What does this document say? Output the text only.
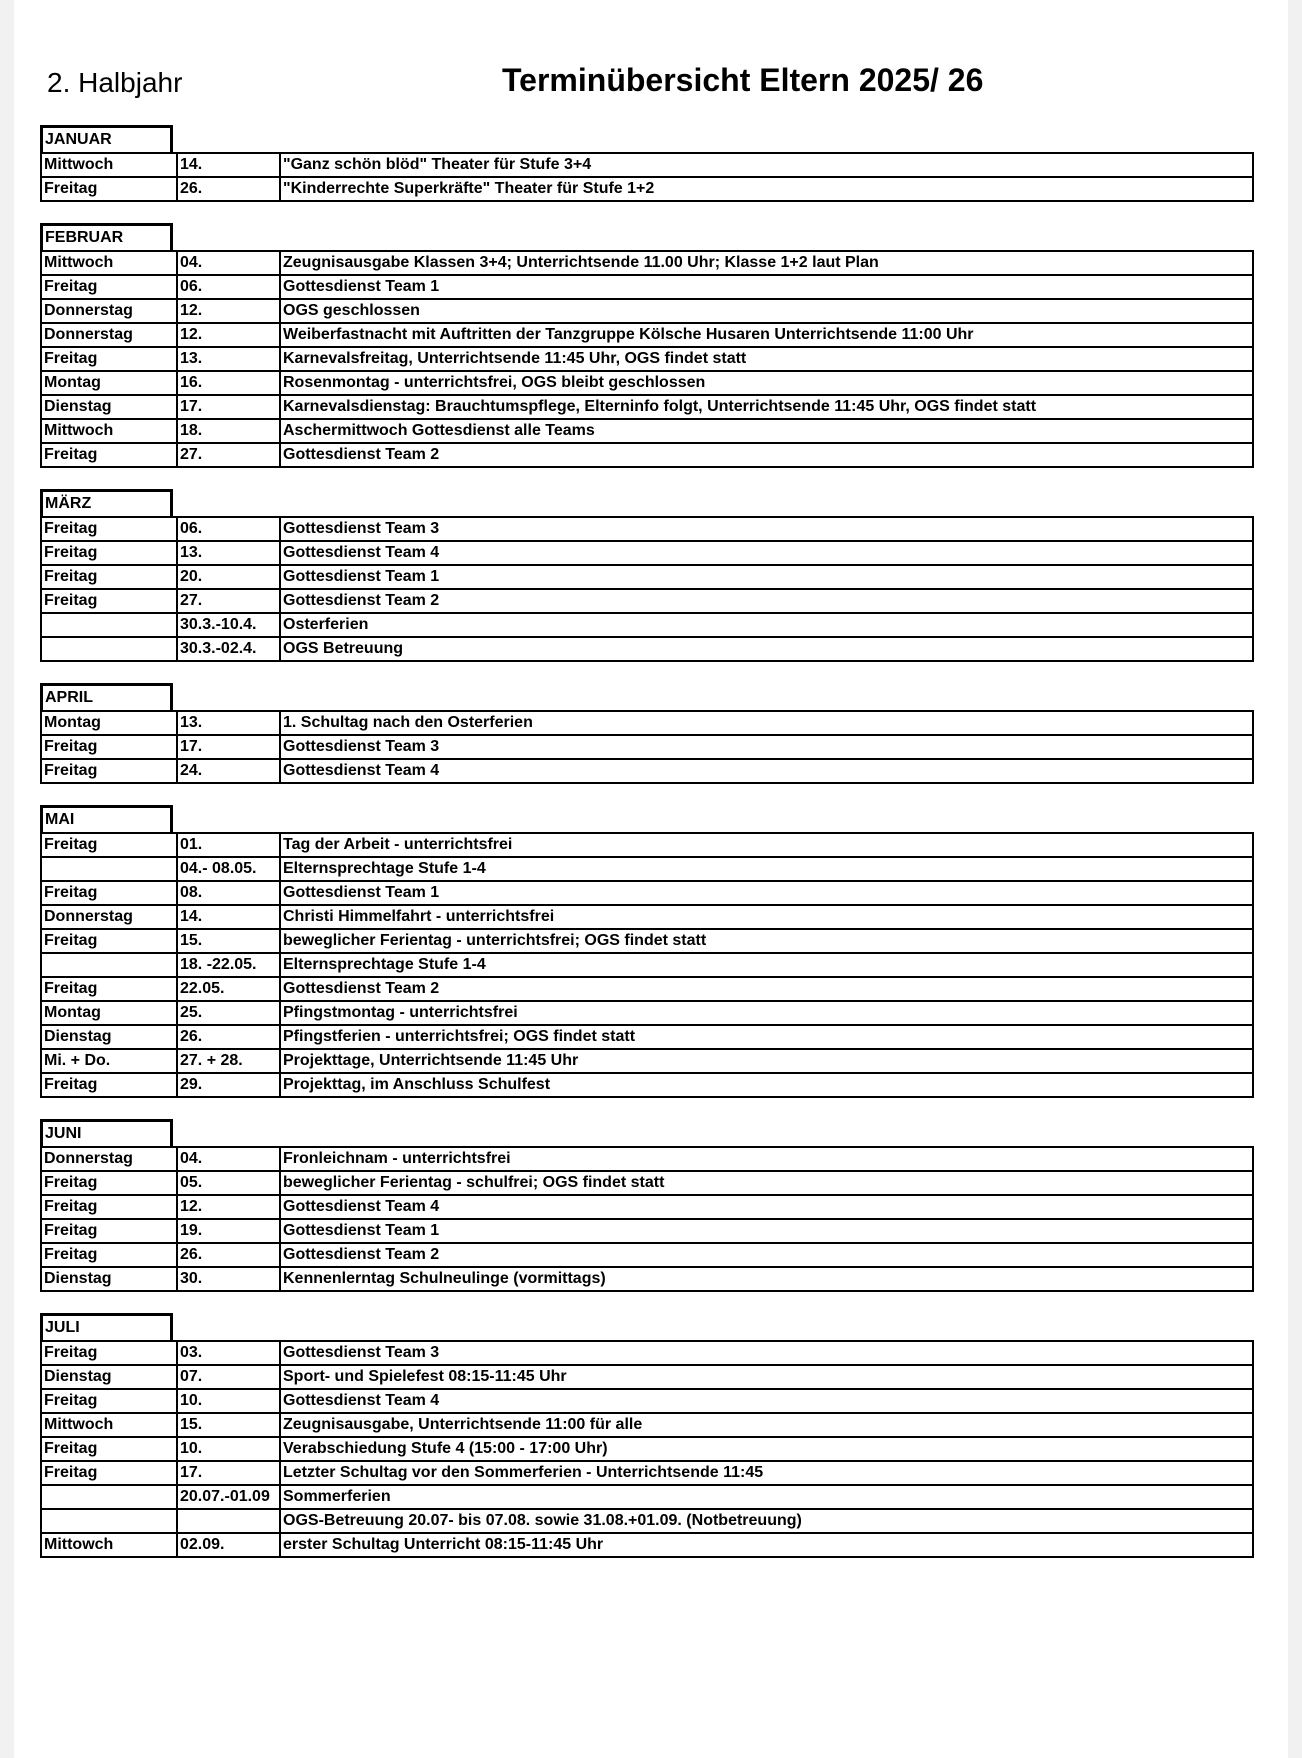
2. Halbjahr	Terminübersicht Eltern 2025/ 26
JANUAR
Mittwoch	14.	"Ganz schön blöd" Theater für Stufe 3+4
Freitag	26.	"Kinderrechte Superkräfte" Theater für Stufe 1+2
FEBRUAR
Mittwoch	04.	Zeugnisausgabe Klassen 3+4; Unterrichtsende 11.00 Uhr; Klasse 1+2 laut Plan
Freitag	06.	Gottesdienst Team 1
Donnerstag	12.	OGS geschlossen
Donnerstag	12.	Weiberfastnacht mit Auftritten der Tanzgruppe Kölsche Husaren Unterrichtsende 11:00 Uhr
Freitag	13.	Karnevalsfreitag, Unterrichtsende 11:45 Uhr, OGS findet statt
Montag	16.	Rosenmontag - unterrichtsfrei, OGS bleibt geschlossen
Dienstag	17.	Karnevalsdienstag: Brauchtumspflege, Elterninfo folgt, Unterrichtsende 11:45 Uhr, OGS findet statt
Mittwoch	18.	Aschermittwoch Gottesdienst alle Teams
Freitag	27.	Gottesdienst Team 2
MÄRZ
Freitag	06.	Gottesdienst Team 3
Freitag	13.	Gottesdienst Team 4
Freitag	20.	Gottesdienst Team 1
Freitag	27.	Gottesdienst Team 2
	30.3.-10.4.	Osterferien
	30.3.-02.4.	OGS Betreuung
APRIL
Montag	13.	1. Schultag nach den Osterferien
Freitag	17.	Gottesdienst Team 3
Freitag	24.	Gottesdienst Team 4
MAI
Freitag	01.	Tag der Arbeit - unterrichtsfrei
	04.- 08.05.	Elternsprechtage Stufe 1-4
Freitag	08.	Gottesdienst Team 1
Donnerstag	14.	Christi Himmelfahrt - unterrichtsfrei
Freitag	15.	beweglicher Ferientag - unterrichtsfrei; OGS findet statt
	18. -22.05.	Elternsprechtage Stufe 1-4
Freitag	22.05.	Gottesdienst Team 2
Montag	25.	Pfingstmontag - unterrichtsfrei
Dienstag	26.	Pfingstferien - unterrichtsfrei; OGS findet statt
Mi. + Do.	27. + 28.	Projekttage, Unterrichtsende 11:45 Uhr
Freitag	29.	Projekttag, im Anschluss Schulfest
JUNI
Donnerstag	04.	Fronleichnam - unterrichtsfrei
Freitag	05.	beweglicher Ferientag - schulfrei; OGS findet statt
Freitag	12.	Gottesdienst Team 4
Freitag	19.	Gottesdienst Team 1
Freitag	26.	Gottesdienst Team 2
Dienstag	30.	Kennenlerntag Schulneulinge (vormittags)
JULI
Freitag	03.	Gottesdienst Team 3
Dienstag	07.	Sport- und Spielefest 08:15-11:45 Uhr
Freitag	10.	Gottesdienst Team 4
Mittwoch	15.	Zeugnisausgabe, Unterrichtsende 11:00 für alle
Freitag	10.	Verabschiedung Stufe 4 (15:00 - 17:00 Uhr)
Freitag	17.	Letzter Schultag vor den Sommerferien - Unterrichtsende 11:45
	20.07.-01.09	Sommerferien
		OGS-Betreuung 20.07- bis 07.08. sowie 31.08.+01.09. (Notbetreuung)
Mittowch	02.09.	erster Schultag Unterricht 08:15-11:45 Uhr
